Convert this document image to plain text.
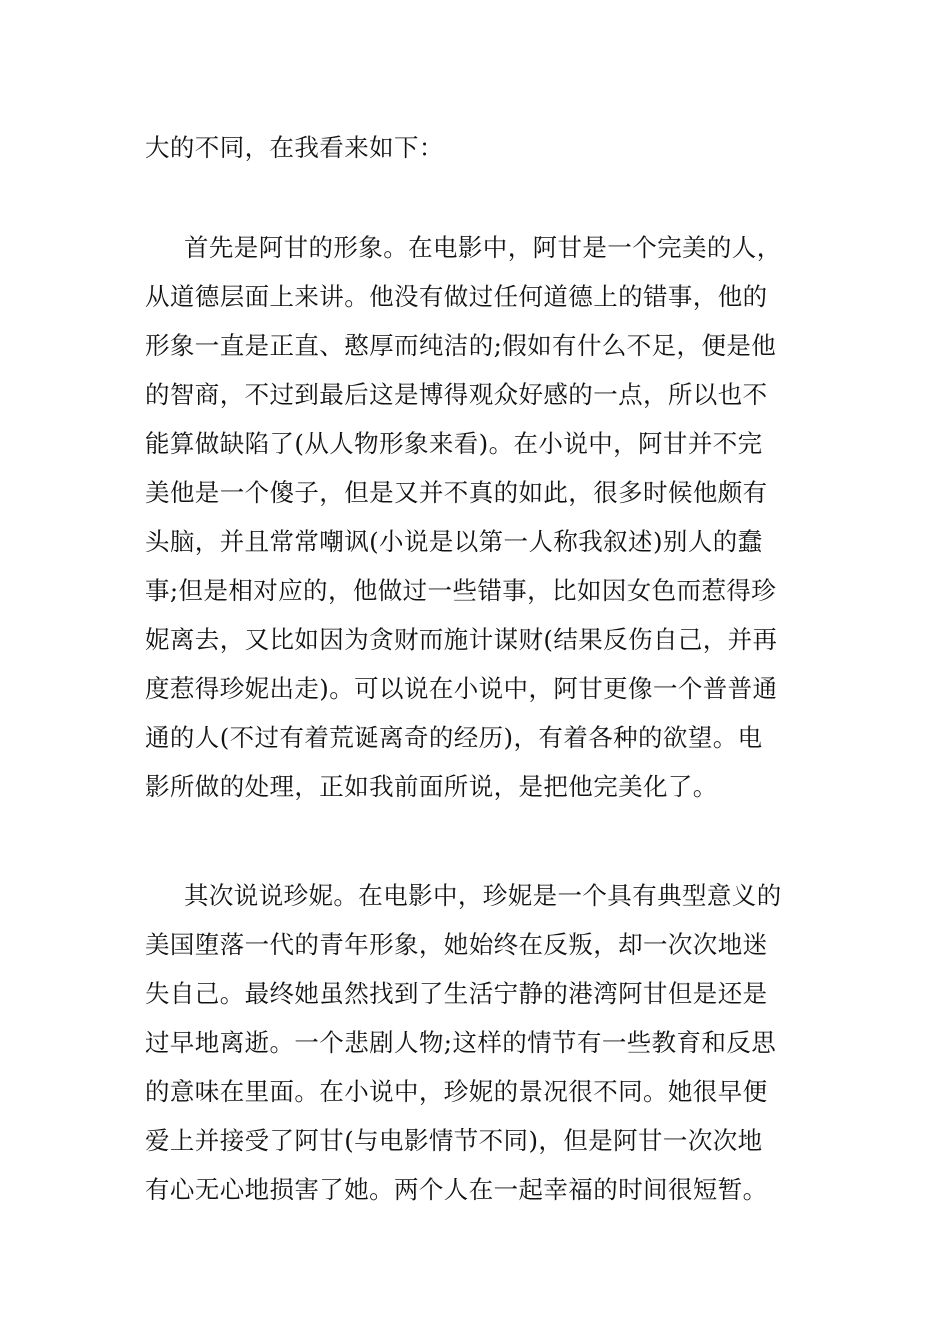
大的不同，在我看来如下：

首先是阿甘的形象。在电影中，阿甘是一个完美的人，
从道德层面上来讲。他没有做过任何道德上的错事，他的
形象一直是正直、憨厚而纯洁的;假如有什么不足，便是他
的智商，不过到最后这是博得观众好感的一点，所以也不
能算做缺陷了(从人物形象来看)。在小说中，阿甘并不完
美他是一个傻子，但是又并不真的如此，很多时候他颇有
头脑，并且常常嘲讽(小说是以第一人称我叙述)别人的蠢
事;但是相对应的，他做过一些错事，比如因女色而惹得珍
妮离去，又比如因为贪财而施计谋财(结果反伤自己，并再
度惹得珍妮出走)。可以说在小说中，阿甘更像一个普普通
通的人(不过有着荒诞离奇的经历)，有着各种的欲望。电
影所做的处理，正如我前面所说，是把他完美化了。

其次说说珍妮。在电影中，珍妮是一个具有典型意义的
美国堕落一代的青年形象，她始终在反叛，却一次次地迷
失自己。最终她虽然找到了生活宁静的港湾阿甘但是还是
过早地离逝。一个悲剧人物;这样的情节有一些教育和反思
的意味在里面。在小说中，珍妮的景况很不同。她很早便
爱上并接受了阿甘(与电影情节不同)，但是阿甘一次次地
有心无心地损害了她。两个人在一起幸福的时间很短暂。
